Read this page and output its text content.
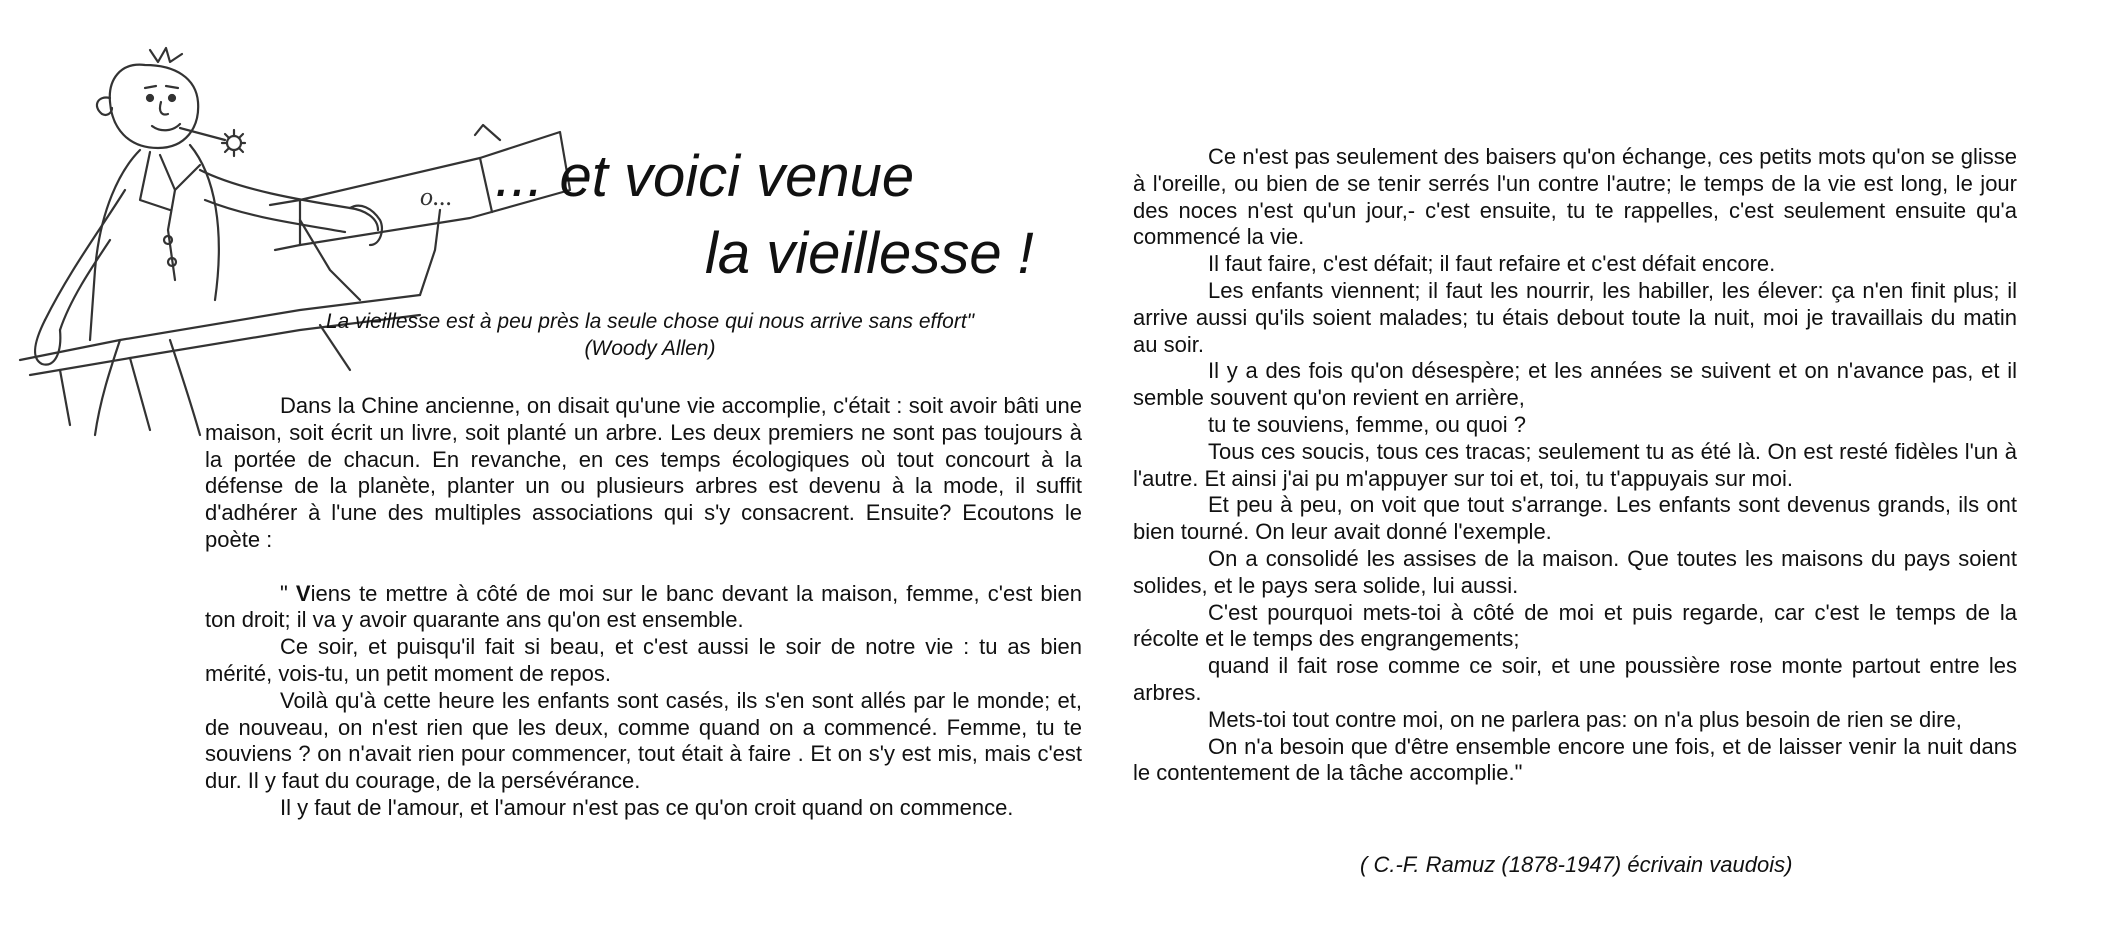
o... ... et voici venue
la vieillesse !
La vieillesse est à peu près la seule chose qui nous arrive sans effort"
(Woody Allen)

Dans la Chine ancienne, on disait qu'une vie accomplie, c'était : soit avoir bâti une maison, soit écrit un livre, soit planté un arbre. Les deux premiers ne sont pas toujours à la portée de chacun. En revanche, en ces temps écologiques où tout concourt à la défense de la planète, planter un ou plusieurs arbres est devenu à la mode, il suffit d'adhérer à l'une des multiples associations qui s'y consacrent. Ensuite? Ecoutons le poète :

" Viens te mettre à côté de moi sur le banc devant la maison, femme, c'est bien ton droit; il va y avoir quarante ans qu'on est ensemble.

Ce soir, et puisqu'il fait si beau, et c'est aussi le soir de notre vie : tu as bien mérité, vois-tu, un petit moment de repos.

Voilà qu'à cette heure les enfants sont casés, ils s'en sont allés par le monde; et, de nouveau, on n'est rien que les deux, comme quand on a commencé. Femme, tu te souviens ? on n'avait rien pour commencer, tout était à faire . Et on s'y est mis, mais c'est dur. Il y faut du courage, de la persévérance.

Il y faut de l'amour, et l'amour n'est pas ce qu'on croit quand on commence.

Ce n'est pas seulement des baisers qu'on échange, ces petits mots qu'on se glisse à l'oreille, ou bien de se tenir serrés l'un contre l'autre; le temps de la vie est long, le jour des noces n'est qu'un jour,- c'est ensuite, tu te rappelles, c'est seulement ensuite qu'a commencé la vie.

Il faut faire, c'est défait; il faut refaire et c'est défait encore.

Les enfants viennent; il faut les nourrir, les habiller, les élever: ça n'en finit plus; il arrive aussi qu'ils soient malades; tu étais debout toute la nuit, moi je travaillais du matin au soir.

Il y a des fois qu'on désespère; et les années se suivent et on n'avance pas, et il semble souvent qu'on revient en arrière,

tu te souviens, femme, ou quoi ?

Tous ces soucis, tous ces tracas; seulement tu as été là. On est resté fidèles l'un à l'autre. Et ainsi j'ai pu m'appuyer sur toi et, toi, tu t'appuyais sur moi.

Et peu à peu, on voit que tout s'arrange. Les enfants sont devenus grands, ils ont bien tourné. On leur avait donné l'exemple.

On a consolidé les assises de la maison. Que toutes les maisons du pays soient solides, et le pays sera solide, lui aussi.

C'est pourquoi mets-toi à côté de moi et puis regarde, car c'est le temps de la récolte et le temps des engrangements;

quand il fait rose comme ce soir, et une poussière rose monte partout entre les arbres.

Mets-toi tout contre moi, on ne parlera pas: on n'a plus besoin de rien se dire,

On n'a besoin que d'être ensemble encore une fois, et de laisser venir la nuit dans le contentement de la tâche accomplie."

( C.-F. Ramuz (1878-1947) écrivain vaudois)
